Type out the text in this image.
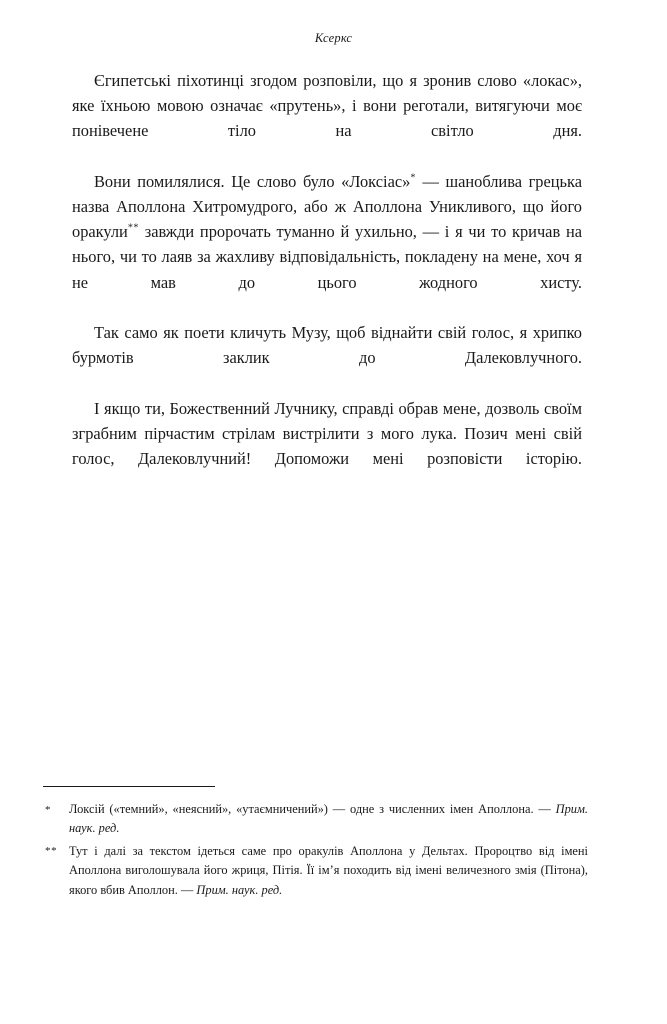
Ксеркс

Єгипетські піхотинці згодом розповіли, що я зронив слово «локас», яке їхньою мовою означає «прутень», і вони реготали, витягуючи моє понівечене тіло на світло дня.

Вони помилялися. Це слово було «Локсіас»* — шаноблива грецька назва Аполлона Хитромудрого, або ж Аполлона Уникливого, що його оракули** завжди пророчать туманно й ухильно, — і я чи то кричав на нього, чи то лаяв за жахливу відповідальність, покладену на мене, хоч я не мав до цього жодного хисту.

Так само як поети кличуть Музу, щоб віднайти свій голос, я хрипко бурмотів заклик до Далековлучного.

І якщо ти, Божественний Лучнику, справді обрав мене, дозволь своїм зграбним пірчастим стрілам вистрілити з мого лука. Позич мені свій голос, Далековлучний! Допоможи мені розповісти історію.

*	Локсій («темний», «неясний», «утаємничений») — одне з численних імен Аполлона. — Прим. наук. ред.
** Тут і далі за текстом ідеться саме про оракулів Аполлона у Дельтах. Пророцтво від імені Аполлона виголошувала його жриця, Пітія. Її ім’я походить від імені величезного змія (Пітона), якого вбив Аполлон. — Прим. наук. ред.
